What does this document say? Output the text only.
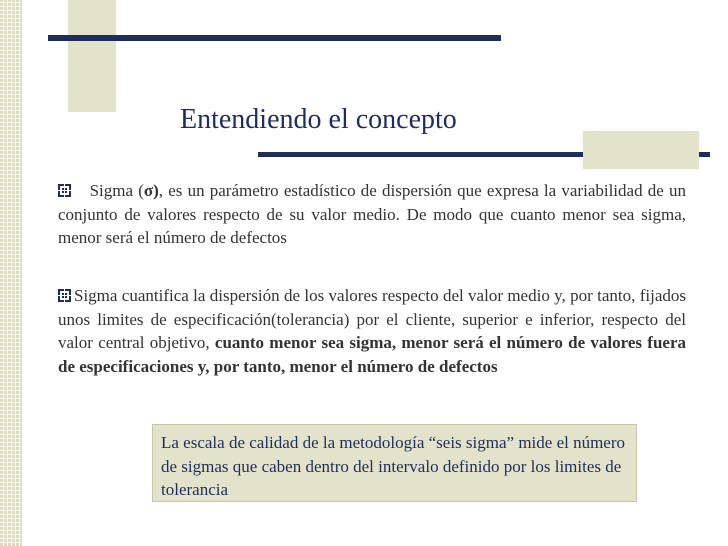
Entendiendo el concepto
Sigma (σ), es un parámetro estadístico de dispersión que expresa la variabilidad de un conjunto de valores respecto de su valor medio. De modo que cuanto menor sea sigma, menor será el número de defectos
Sigma cuantifica la dispersión de los valores respecto del valor medio y, por tanto, fijados unos limites de especificación(tolerancia) por el cliente, superior e inferior, respecto del valor central objetivo, cuanto menor sea sigma, menor será el número de valores fuera de especificaciones y, por tanto, menor el número de defectos
La escala de calidad de la metodología “seis sigma” mide el número de sigmas que caben dentro del intervalo definido por los limites de tolerancia
